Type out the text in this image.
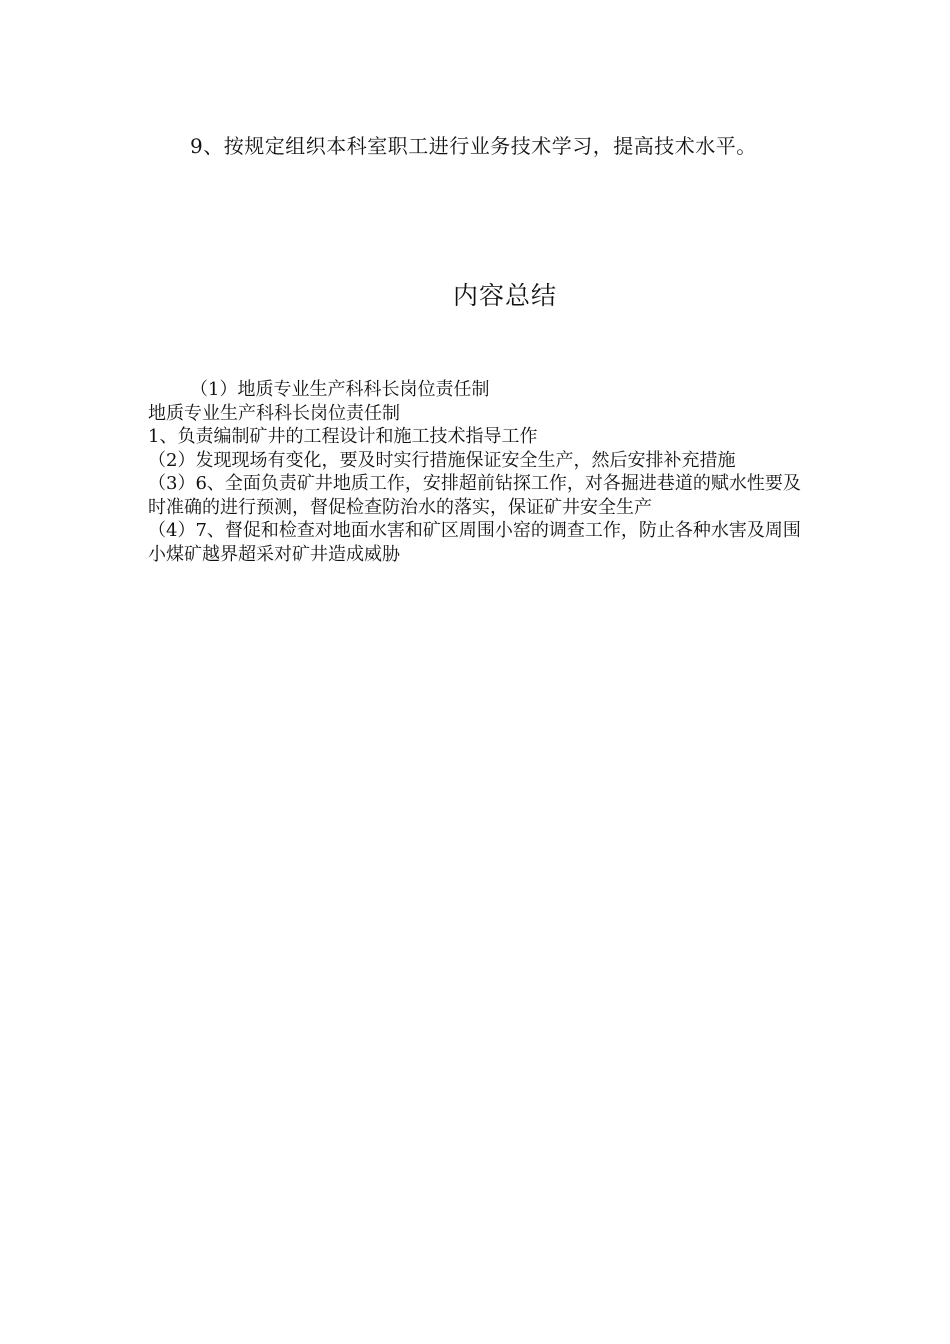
9、按规定组织本科室职工进行业务技术学习，提高技术水平。

内容总结

（1）地质专业生产科科长岗位责任制

地质专业生产科科长岗位责任制

1、负责编制矿井的工程设计和施工技术指导工作

（2）发现现场有变化，要及时实行措施保证安全生产，然后安排补充措施

（3）6、全面负责矿井地质工作，安排超前钻探工作，对各掘进巷道的赋水性要及时准确的进行预测，督促检查防治水的落实，保证矿井安全生产

（4）7、督促和检查对地面水害和矿区周围小窑的调查工作，防止各种水害及周围小煤矿越界超采对矿井造成威胁
